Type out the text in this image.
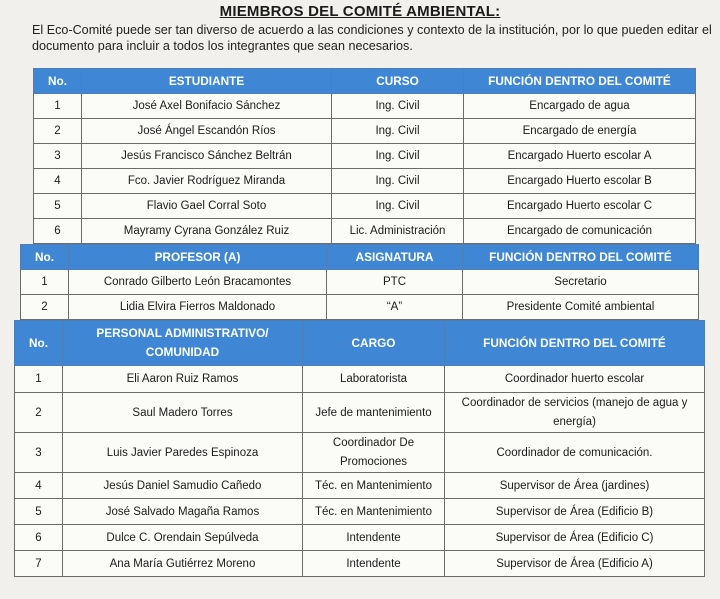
MIEMBROS DEL COMITÉ AMBIENTAL:
El Eco-Comité puede ser tan diverso de acuerdo a las condiciones y contexto de la institución, por lo que pueden editar el documento para incluir a todos los integrantes que sean necesarios.
No.	ESTUDIANTE	CURSO	FUNCIÓN DENTRO DEL COMITÉ
1	José Axel Bonifacio Sánchez	Ing. Civil	Encargado de agua
2	José Ángel Escandón Ríos	Ing. Civil	Encargado de energía
3	Jesús Francisco Sánchez Beltrán	Ing. Civil	Encargado Huerto escolar A
4	Fco. Javier Rodríguez Miranda	Ing. Civil	Encargado Huerto escolar B
5	Flavio Gael Corral Soto	Ing. Civil	Encargado Huerto escolar C
6	Mayramy Cyrana González Ruiz	Lic. Administración	Encargado de comunicación
No.	PROFESOR (A)	ASIGNATURA	FUNCIÓN DENTRO DEL COMITÉ
1	Conrado Gilberto León Bracamontes	PTC	Secretario
2	Lidia Elvira Fierros Maldonado	“A”	Presidente Comité ambiental
No.	PERSONAL ADMINISTRATIVO/ COMUNIDAD	CARGO	FUNCIÓN DENTRO DEL COMITÉ
1	Eli Aaron Ruiz Ramos	Laboratorista	Coordinador huerto escolar
2	Saul Madero Torres	Jefe de mantenimiento	Coordinador de servicios (manejo de agua y energía)
3	Luis Javier Paredes Espinoza	Coordinador De Promociones	Coordinador de comunicación.
4	Jesús Daniel Samudio Cañedo	Téc. en Mantenimiento	Supervisor de Área (jardines)
5	José Salvado Magaña Ramos	Téc. en Mantenimiento	Supervisor de Área (Edificio B)
6	Dulce C. Orendain Sepúlveda	Intendente	Supervisor de Área (Edificio C)
7	Ana María Gutiérrez Moreno	Intendente	Supervisor de Área (Edificio A)
